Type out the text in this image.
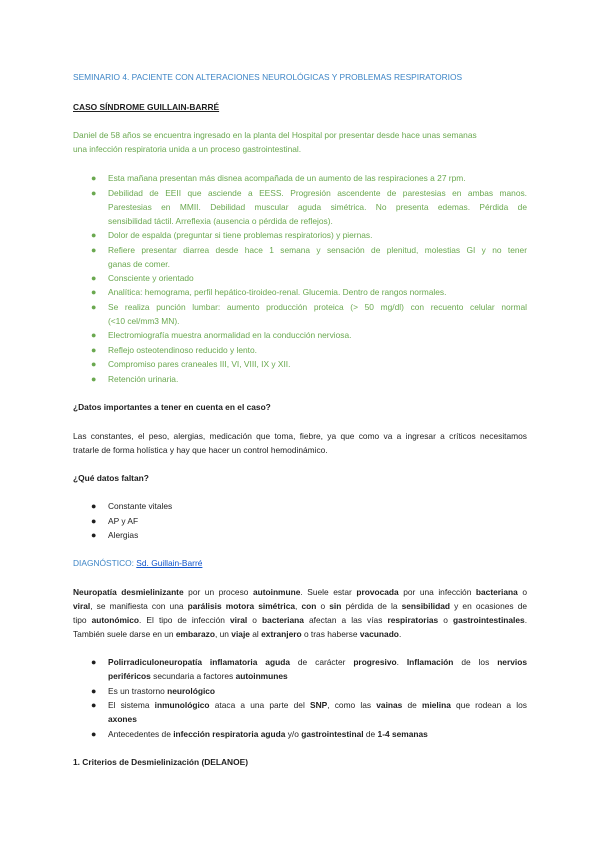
SEMINARIO 4. PACIENTE CON ALTERACIONES NEUROLÓGICAS Y PROBLEMAS RESPIRATORIOS
CASO SÍNDROME GUILLAIN-BARRÉ
Daniel de 58 años se encuentra ingresado en la planta del Hospital por presentar desde hace unas semanas
una infección respiratoria unida a un proceso gastrointestinal.
● Esta mañana presentan más disnea acompañada de un aumento de las respiraciones a 27 rpm.
● Debilidad de EEII que asciende a EESS. Progresión ascendente de parestesias en ambas manos.
Parestesias en MMII. Debilidad muscular aguda simétrica. No presenta edemas. Pérdida de
sensibilidad táctil. Arreflexia (ausencia o pérdida de reflejos).
● Dolor de espalda (preguntar si tiene problemas respiratorios) y piernas.
● Refiere presentar diarrea desde hace 1 semana y sensación de plenitud, molestias GI y no tener
ganas de comer.
● Consciente y orientado
● Analítica: hemograma, perfil hepático-tiroideo-renal. Glucemia. Dentro de rangos normales.
● Se realiza punción lumbar: aumento producción proteica (> 50 mg/dl) con recuento celular normal
(<10 cel/mm3 MN).
● Electromiografía muestra anormalidad en la conducción nerviosa.
● Reflejo osteotendinoso reducido y lento.
● Compromiso pares craneales III, VI, VIII, IX y XII.
● Retención urinaria.
¿Datos importantes a tener en cuenta en el caso?
Las constantes, el peso, alergias, medicación que toma, fiebre, ya que como va a ingresar a críticos necesitamos
tratarle de forma holística y hay que hacer un control hemodinámico.
¿Qué datos faltan?
● Constante vitales
● AP y AF
● Alergias
DIAGNÓSTICO: Sd. Guillain-Barré
Neuropatía desmielinizante por un proceso autoinmune. Suele estar provocada por una infección bacteriana o
viral, se manifiesta con una parálisis motora simétrica, con o sin pérdida de la sensibilidad y en ocasiones de
tipo autonómico. El tipo de infección viral o bacteriana afectan a las vías respiratorias o gastrointestinales.
También suele darse en un embarazo, un viaje al extranjero o tras haberse vacunado.
● Polirradiculoneuropatía inflamatoria aguda de carácter progresivo. Inflamación de los nervios
periféricos secundaria a factores autoinmunes
● Es un trastorno neurológico
● El sistema inmunológico ataca a una parte del SNP, como las vainas de mielina que rodean a los
axones
● Antecedentes de infección respiratoria aguda y/o gastrointestinal de 1-4 semanas
1. Criterios de Desmielinización (DELANOE)
